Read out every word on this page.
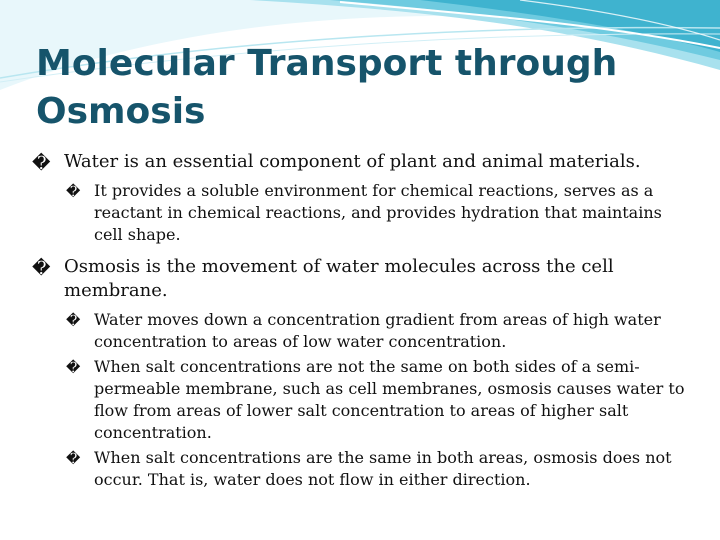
Molecular Transport through Osmosis
� Water is an essential component of plant and animal materials.
� It provides a soluble environment for chemical reactions, serves as a reactant in chemical reactions, and provides hydration that maintains cell shape.
� Osmosis is the movement of water molecules across the cell membrane.
� Water moves down a concentration gradient from areas of high water concentration to areas of low water concentration.
� When salt concentrations are not the same on both sides of a semi-permeable membrane, such as cell membranes, osmosis causes water to flow from areas of lower salt concentration to areas of higher salt concentration.
� When salt concentrations are the same in both areas, osmosis does not occur. That is, water does not flow in either direction.
